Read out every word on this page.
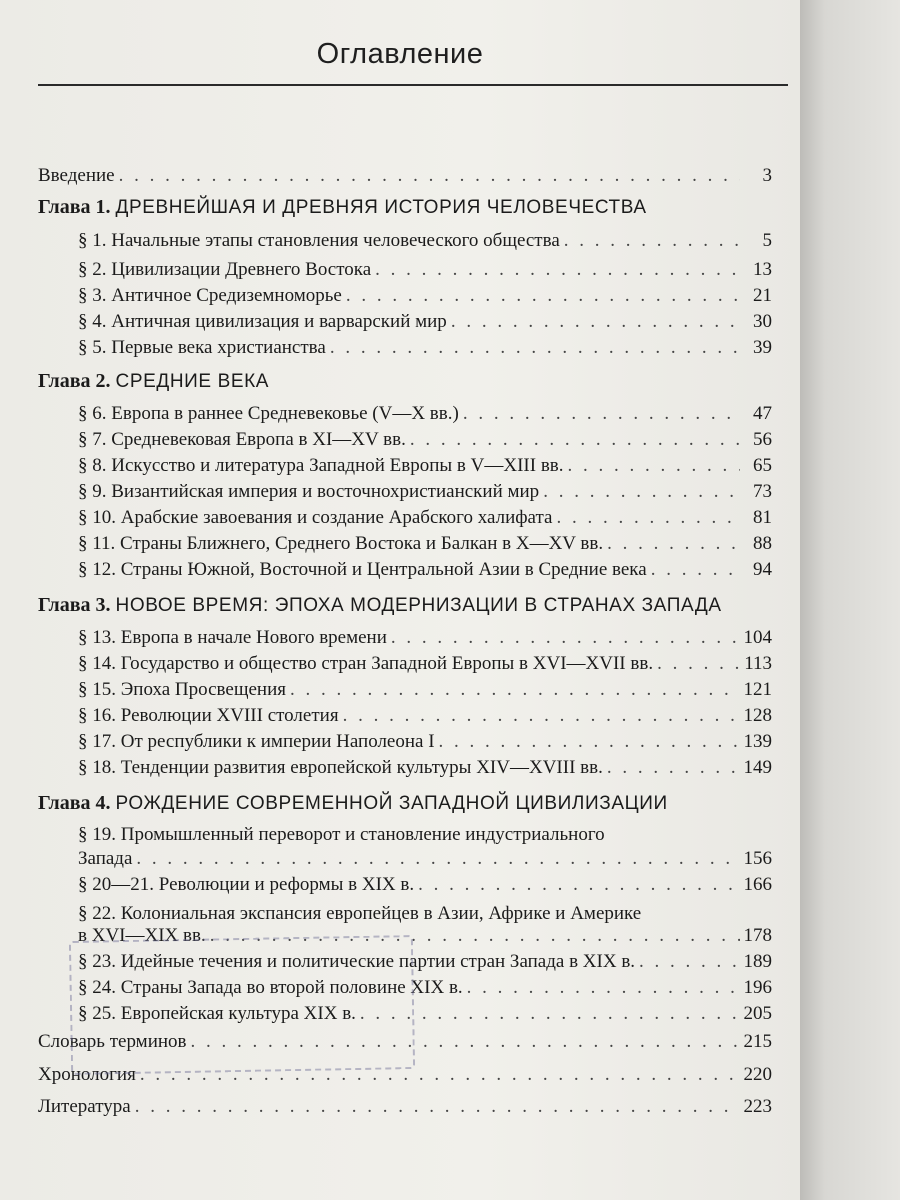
Оглавление
Введение . . .	3
Глава 1. ДРЕВНЕЙШАЯ И ДРЕВНЯЯ ИСТОРИЯ ЧЕЛОВЕЧЕСТВА
§ 1. Начальные этапы становления человеческого общества . . .	5
§ 2. Цивилизации Древнего Востока . . .	13
§ 3. Античное Средиземноморье . . .	21
§ 4. Античная цивилизация и варварский мир . . .	30
§ 5. Первые века христианства . . .	39
Глава 2. СРЕДНИЕ ВЕКА
§ 6. Европа в раннее Средневековье (V—X вв.) . . .	47
§ 7. Средневековая Европа в XI—XV вв. . . .	56
§ 8. Искусство и литература Западной Европы в V—XIII вв. . . .	65
§ 9. Византийская империя и восточнохристианский мир . . .	73
§ 10. Арабские завоевания и создание Арабского халифата . . .	81
§ 11. Страны Ближнего, Среднего Востока и Балкан в X—XV вв. . . .	88
§ 12. Страны Южной, Восточной и Центральной Азии в Средние века . . .	94
Глава 3. НОВОЕ ВРЕМЯ: ЭПОХА МОДЕРНИЗАЦИИ В СТРАНАХ ЗАПАДА
§ 13. Европа в начале Нового времени . . .	104
§ 14. Государство и общество стран Западной Европы в XVI—XVII вв. . . .	113
§ 15. Эпоха Просвещения . . .	121
§ 16. Революции XVIII столетия . . .	128
§ 17. От республики к империи Наполеона I . . .	139
§ 18. Тенденции развития европейской культуры XIV—XVIII вв. . . .	149
Глава 4. РОЖДЕНИЕ СОВРЕМЕННОЙ ЗАПАДНОЙ ЦИВИЛИЗАЦИИ
§ 19. Промышленный переворот и становление индустриального
Запада . . .	156
§ 20—21. Революции и реформы в XIX в. . . .	166
§ 22. Колониальная экспансия европейцев в Азии, Африке и Америке
в XVI—XIX вв. . . .	178
§ 23. Идейные течения и политические партии стран Запада в XIX в. . . .	189
§ 24. Страны Запада во второй половине XIX в. . . .	196
§ 25. Европейская культура XIX в. . . .	205
Словарь терминов . . .	215
Хронология . . .	220
Литература . . .	223
